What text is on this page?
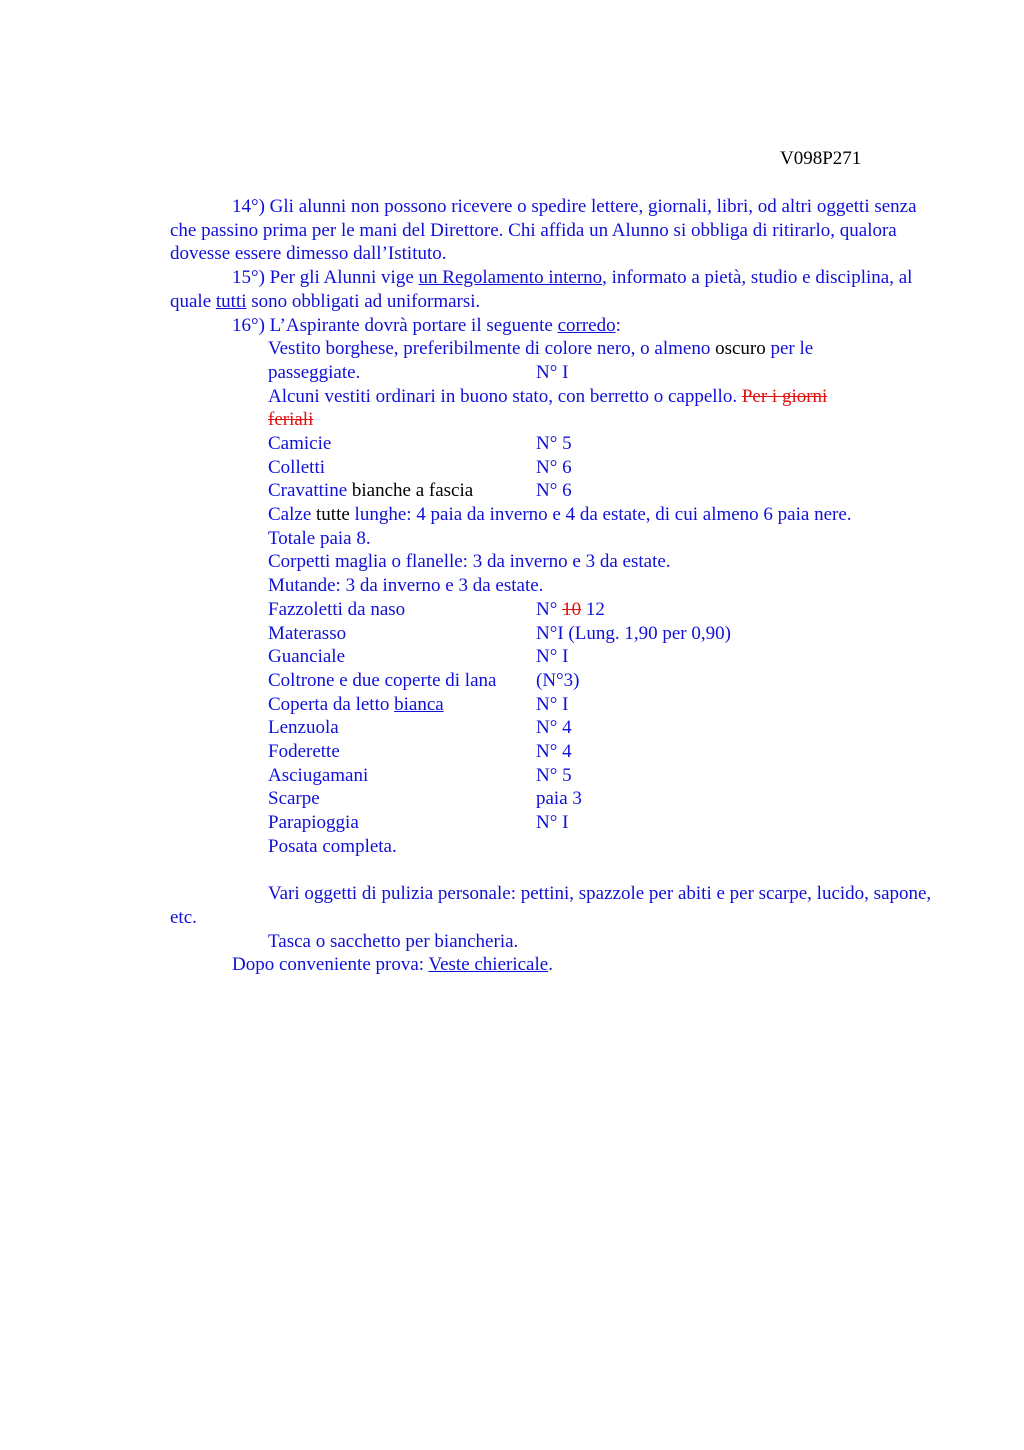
V098P271

14°) Gli alunni non possono ricevere o spedire lettere, giornali, libri, od altri oggetti senza che passino prima per le mani del Direttore. Chi affida un Alunno si obbliga di ritirarlo, qualora dovesse essere dimesso dall’Istituto.

15°) Per gli Alunni vige un Regolamento interno, informato a pietà, studio e disciplina, al quale tutti sono obbligati ad uniformarsi.

16°) L’Aspirante dovrà portare il seguente corredo:

Vestito borghese, preferibilmente di colore nero, o almeno oscuro per le
passeggiate.	N° I
Alcuni vestiti ordinari in buono stato, con berretto o cappello. Per i giorni
feriali
Camicie	N° 5
Colletti	N° 6
Cravattine bianche a fascia	N° 6
Calze tutte lunghe: 4 paia da inverno e 4 da estate, di cui almeno 6 paia nere.
Totale paia 8.
Corpetti maglia o flanelle: 3 da inverno e 3 da estate.
Mutande: 3 da inverno e 3 da estate.
Fazzoletti da naso	N° 10 12
Materasso	N°I (Lung. 1,90 per 0,90)
Guanciale	N° I
Coltrone e due coperte di lana (N°3)
Coperta da letto bianca	N° I
Lenzuola	N° 4
Foderette	N° 4
Asciugamani	N° 5
Scarpe	paia 3
Parapioggia	N° I
Posata completa.

Vari oggetti di pulizia personale: pettini, spazzole per abiti e per scarpe, lucido, sapone, etc.

Tasca o sacchetto per biancheria.

Dopo conveniente prova: Veste chiericale.
